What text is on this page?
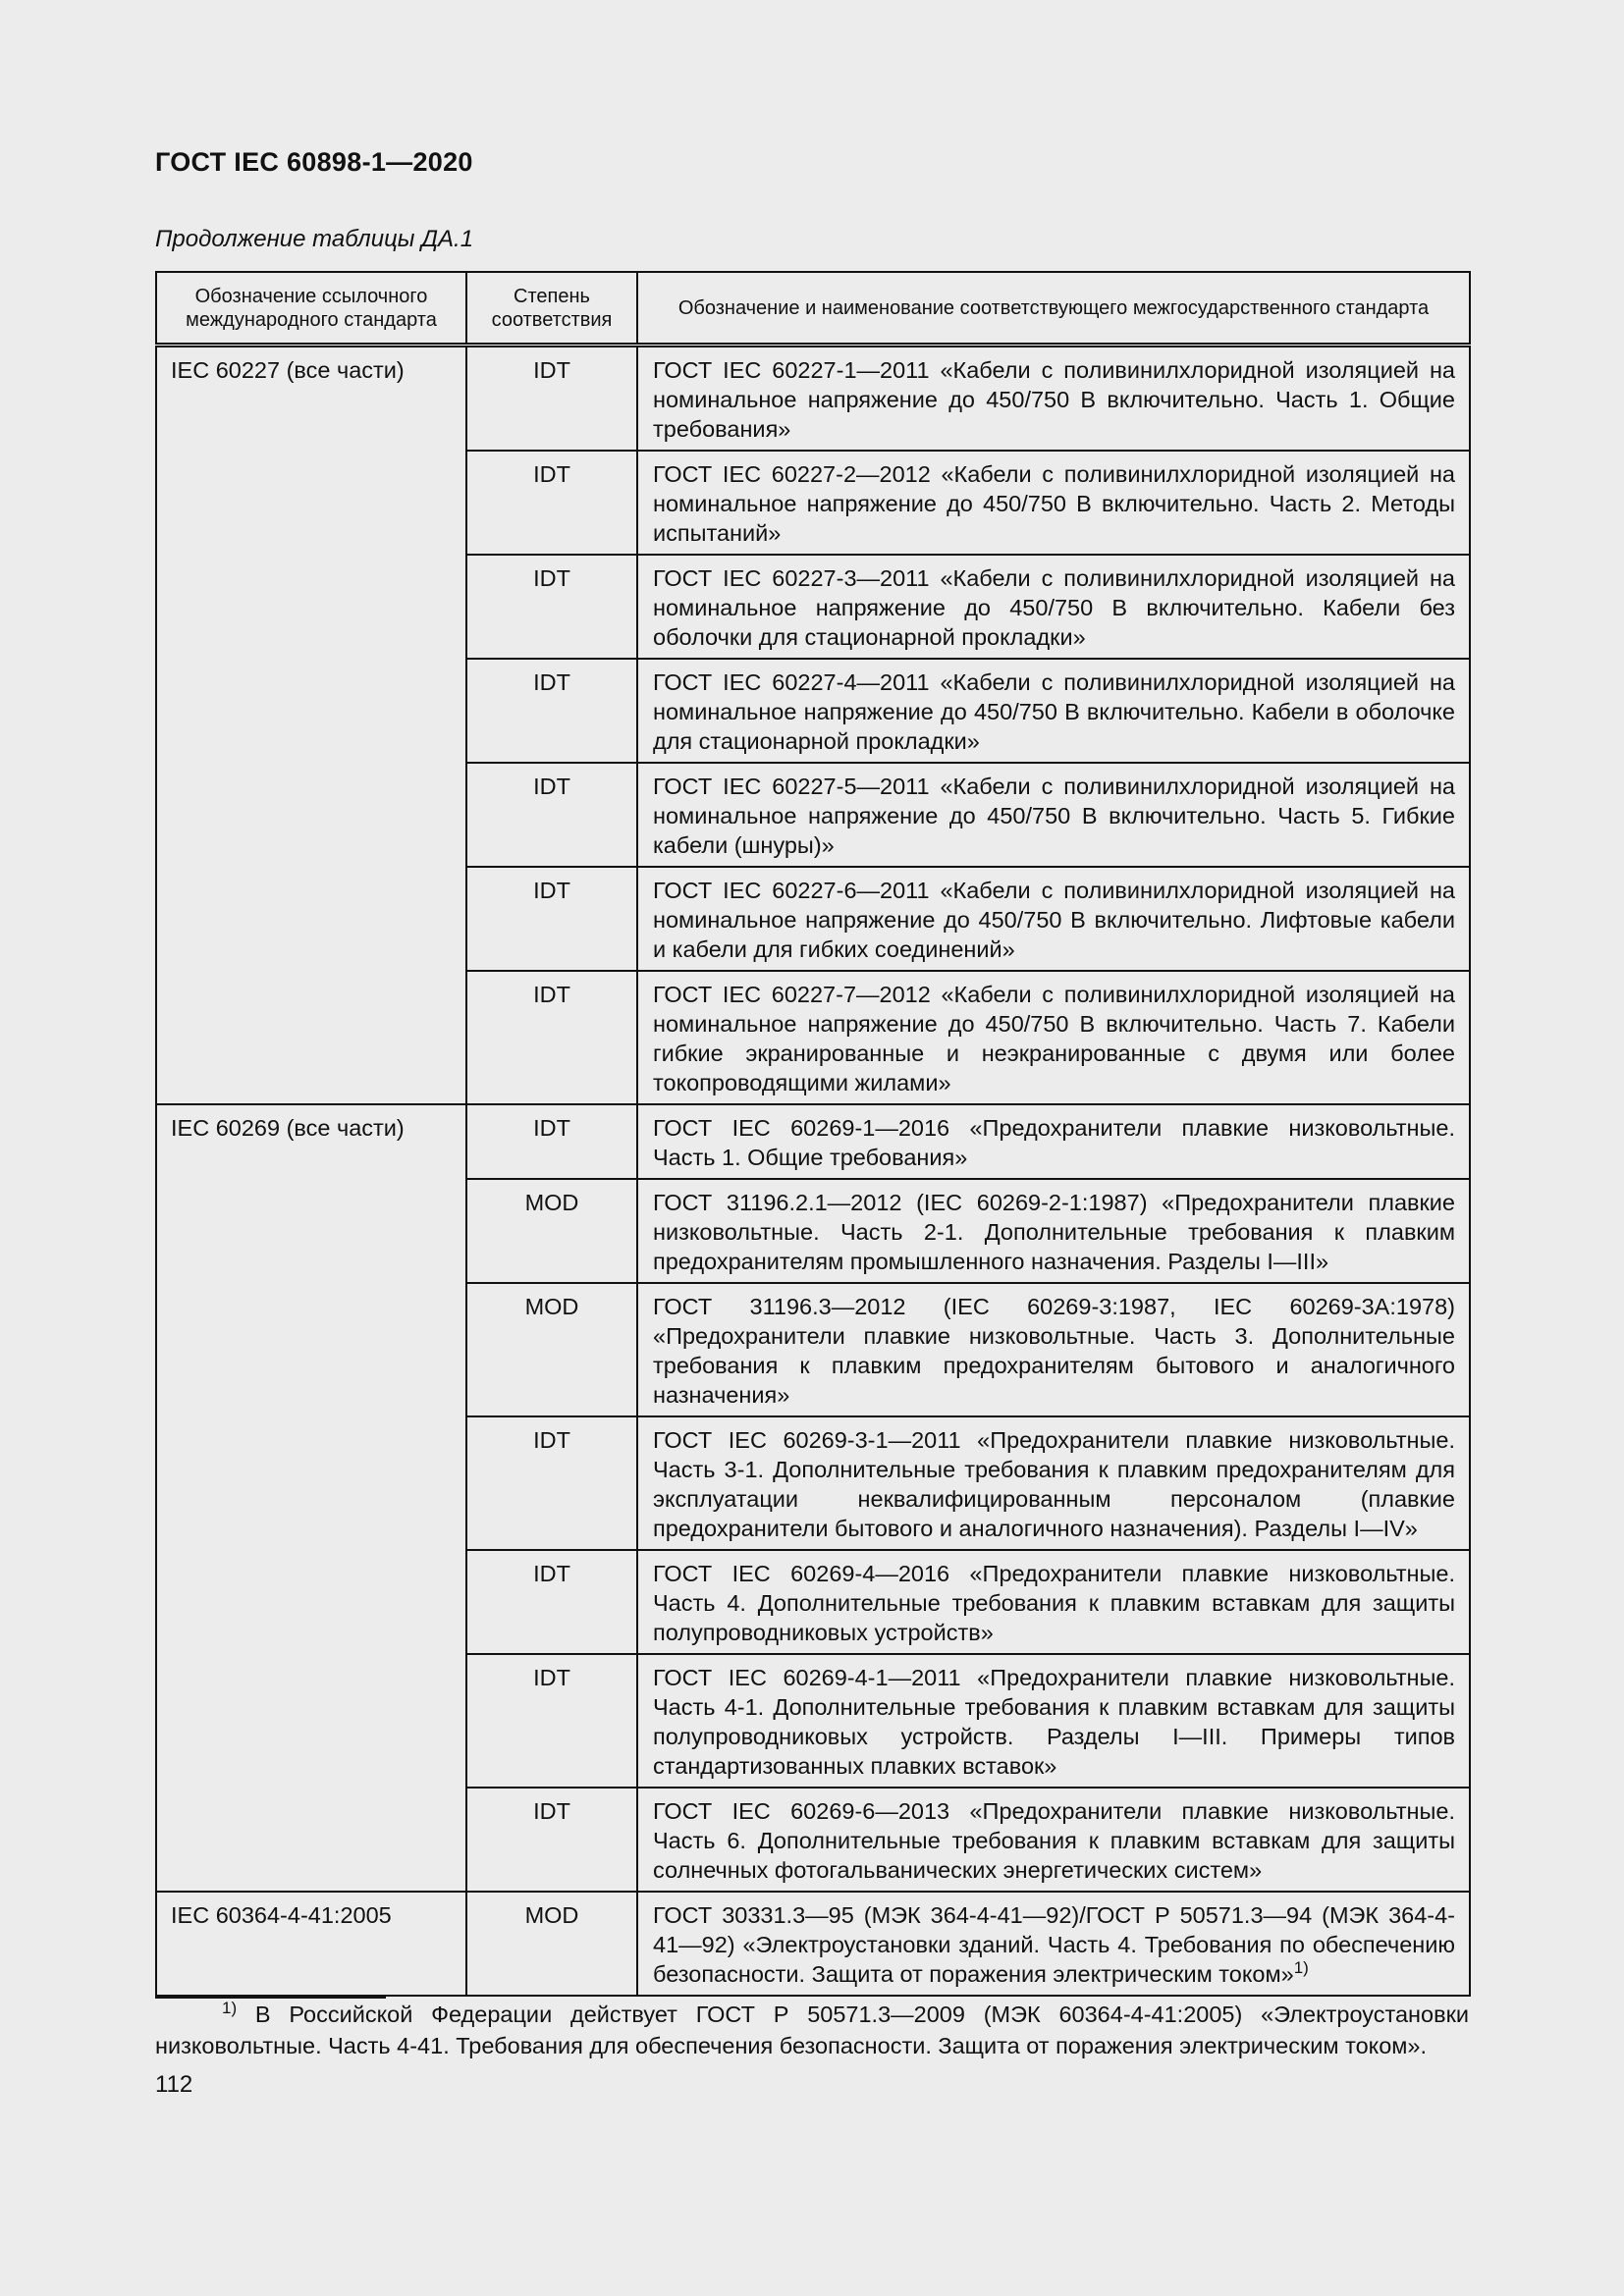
ГОСТ IEC 60898-1—2020

Продолжение таблицы ДА.1

Обозначение ссылочного международного стандарта	Степень соответствия	Обозначение и наименование соответствующего межгосударственного стандарта
IEC 60227 (все части)	IDT	ГОСТ IEC 60227-1—2011 «Кабели с поливинилхлоридной изоляцией на номинальное напряжение до 450/750 В включительно. Часть 1. Общие требования»
	IDT	ГОСТ IEC 60227-2—2012 «Кабели с поливинилхлоридной изоляцией на номинальное напряжение до 450/750 В включительно. Часть 2. Методы испытаний»
	IDT	ГОСТ IEC 60227-3—2011 «Кабели с поливинилхлоридной изоляцией на номинальное напряжение до 450/750 В включительно. Кабели без оболочки для стационарной прокладки»
	IDT	ГОСТ IEC 60227-4—2011 «Кабели с поливинилхлоридной изоляцией на номинальное напряжение до 450/750 В включительно. Кабели в оболочке для стационарной прокладки»
	IDT	ГОСТ IEC 60227-5—2011 «Кабели с поливинилхлоридной изоляцией на номинальное напряжение до 450/750 В включительно. Часть 5. Гибкие кабели (шнуры)»
	IDT	ГОСТ IEC 60227-6—2011 «Кабели с поливинилхлоридной изоляцией на номинальное напряжение до 450/750 В включительно. Лифтовые кабели и кабели для гибких соединений»
	IDT	ГОСТ IEC 60227-7—2012 «Кабели с поливинилхлоридной изоляцией на номинальное напряжение до 450/750 В включительно. Часть 7. Кабели гибкие экранированные и неэкранированные с двумя или более токопроводящими жилами»
IEC 60269 (все части)	IDT	ГОСТ IEC 60269-1—2016 «Предохранители плавкие низковольтные. Часть 1. Общие требования»
	MOD	ГОСТ 31196.2.1—2012 (IEC 60269-2-1:1987) «Предохранители плавкие низковольтные. Часть 2-1. Дополнительные требования к плавким предохранителям промышленного назначения. Разделы I—III»
	MOD	ГОСТ 31196.3—2012 (IEC 60269-3:1987, IEC 60269-3А:1978) «Предохранители плавкие низковольтные. Часть 3. Дополнительные требования к плавким предохранителям бытового и аналогичного назначения»
	IDT	ГОСТ IEC 60269-3-1—2011 «Предохранители плавкие низковольтные. Часть 3-1. Дополнительные требования к плавким предохранителям для эксплуатации неквалифицированным персоналом (плавкие предохранители бытового и аналогичного назначения). Разделы I—IV»
	IDT	ГОСТ IEC 60269-4—2016 «Предохранители плавкие низковольтные. Часть 4. Дополнительные требования к плавким вставкам для защиты полупроводниковых устройств»
	IDT	ГОСТ IEC 60269-4-1—2011 «Предохранители плавкие низковольтные. Часть 4-1. Дополнительные требования к плавким вставкам для защиты полупроводниковых устройств. Разделы I—III. Примеры типов стандартизованных плавких вставок»
	IDT	ГОСТ IEC 60269-6—2013 «Предохранители плавкие низковольтные. Часть 6. Дополнительные требования к плавким вставкам для защиты солнечных фотогальванических энергетических систем»
IEC 60364-4-41:2005	MOD	ГОСТ 30331.3—95 (МЭК 364-4-41—92)/ГОСТ Р 50571.3—94 (МЭК 364-4-41—92) «Электроустановки зданий. Часть 4. Требования по обеспечению безопасности. Защита от поражения электрическим током»$^{1)}$

$^{1)}$ В Российской Федерации действует ГОСТ Р 50571.3—2009 (МЭК 60364-4-41:2005) «Электроустановки низковольтные. Часть 4-41. Требования для обеспечения безопасности. Защита от поражения электрическим током».

112
